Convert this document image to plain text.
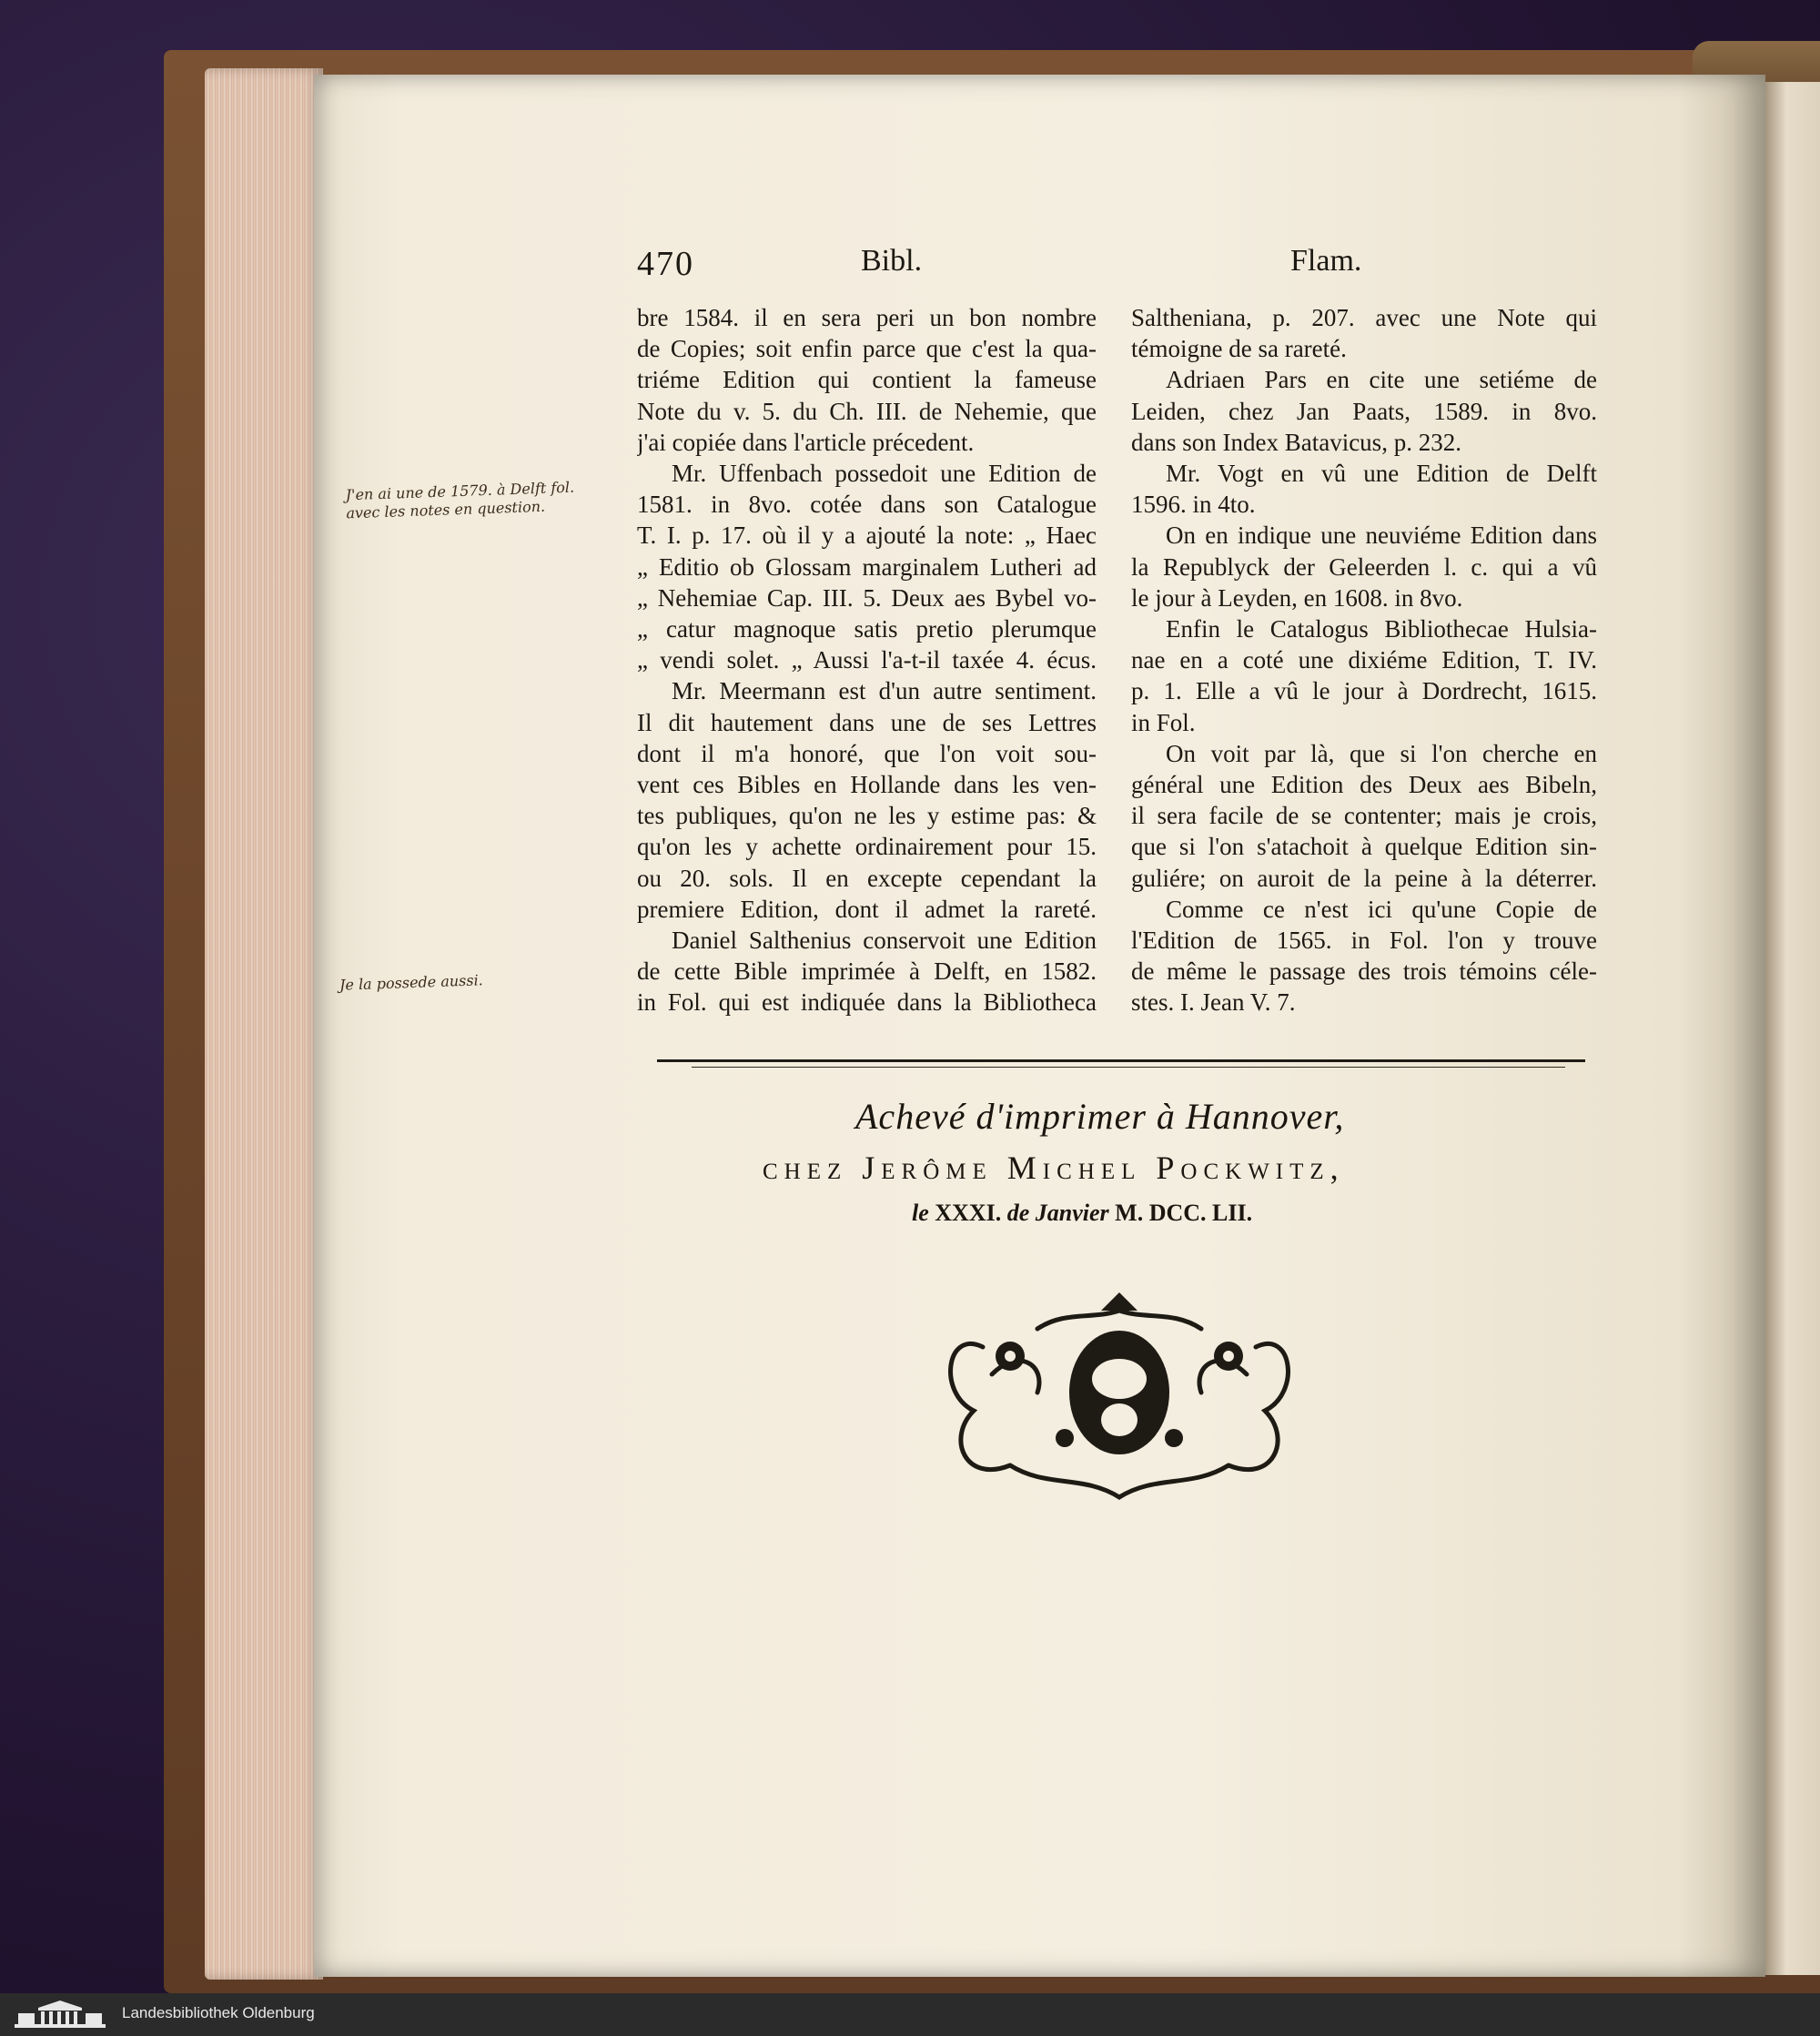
470	Bibl.	Flam.
bre 1584. il en sera peri un bon nombre
de Copies; soit enfin parce que c'est la qua-
triéme Edition qui contient la fameuse
Note du v. 5. du Ch. III. de Nehemie, que
j'ai copiée dans l'article précedent.
Mr. Uffenbach possedoit une Edition de
1581. in 8vo. cotée dans son Catalogue
T. I. p. 17. où il y a ajouté la note: „ Haec
„ Editio ob Glossam marginalem Lutheri ad
„ Nehemiae Cap. III. 5. Deux aes Bybel vo-
„ catur magnoque satis pretio plerumque
„ vendi solet. „ Aussi l'a-t-il taxée 4. écus.
Mr. Meermann est d'un autre sentiment.
Il dit hautement dans une de ses Lettres
dont il m'a honoré, que l'on voit sou-
vent ces Bibles en Hollande dans les ven-
tes publiques, qu'on ne les y estime pas: &
qu'on les y achette ordinairement pour 15.
ou 20. sols. Il en excepte cependant la
premiere Edition, dont il admet la rareté.
Daniel Salthenius conservoit une Edition
de cette Bible imprimée à Delft, en 1582.
in Fol. qui est indiquée dans la Bibliotheca
Saltheniana, p. 207. avec une Note qui
témoigne de sa rareté.
Adriaen Pars en cite une setiéme de
Leiden, chez Jan Paats, 1589. in 8vo.
dans son Index Batavicus, p. 232.
Mr. Vogt en vû une Edition de Delft
1596. in 4to.
On en indique une neuviéme Edition dans
la Republyck der Geleerden l. c. qui a vû
le jour à Leyden, en 1608. in 8vo.
Enfin le Catalogus Bibliothecae Hulsia-
nae en a coté une dixiéme Edition, T. IV.
p. 1. Elle a vû le jour à Dordrecht, 1615.
in Fol.
On voit par là, que si l'on cherche en
général une Edition des Deux aes Bibeln,
il sera facile de se contenter; mais je crois,
que si l'on s'atachoit à quelque Edition sin-
guliére; on auroit de la peine à la déterrer.
Comme ce n'est ici qu'une Copie de
l'Edition de 1565. in Fol. l'on y trouve
de même le passage des trois témoins céle-
stes. I. Jean V. 7.
Achevé d'imprimer à Hannover,
chez Jerôme Michel Pockwitz,
le XXXI. de Janvier M. DCC. LII.
J'en ai une de 1579. à Delft fol.
avec les notes en question.
Je la possede aussi.
Landesbibliothek Oldenburg
